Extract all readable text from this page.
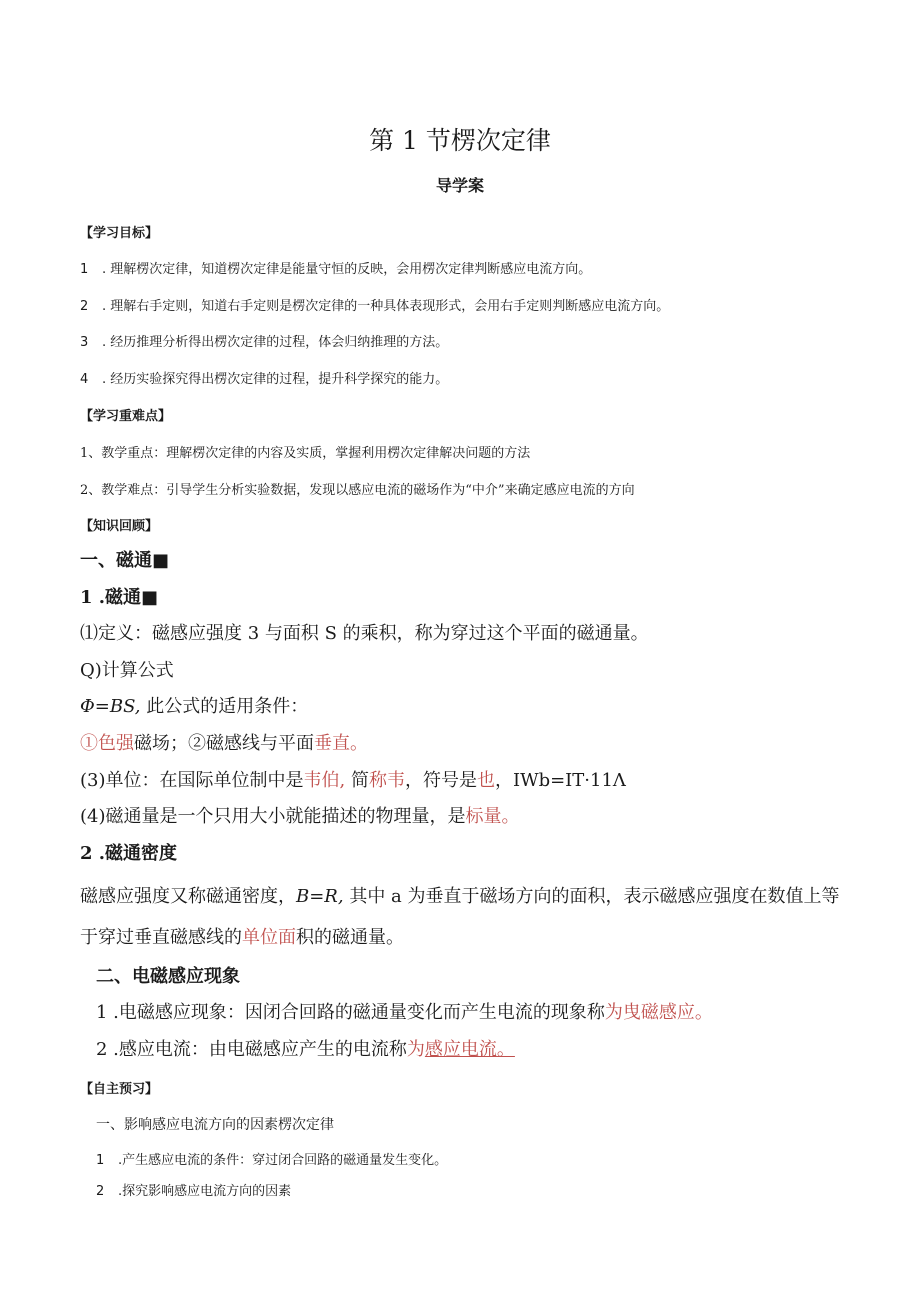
第 1 节楞次定律
导学案
【学习目标】
1 . 理解楞次定律，知道楞次定律是能量守恒的反映，会用楞次定律判断感应电流方向。
2 . 理解右手定则，知道右手定则是楞次定律的一种具体表现形式，会用右手定则判断感应电流方向。
3 . 经历推理分析得出楞次定律的过程，体会归纳推理的方法。
4 . 经历实验探究得出楞次定律的过程，提升科学探究的能力。
【学习重难点】
1、教学重点：理解楞次定律的内容及实质，掌握利用楞次定律解决问题的方法
2、教学难点：引导学生分析实验数据，发现以感应电流的磁场作为“中介”来确定感应电流的方向
【知识回顾】
一、磁通■
1 .磁通■
⑴定义：磁感应强度 3 与面积 S 的乘积，称为穿过这个平面的磁通量。
Q)计算公式
Φ=BS, 此公式的适用条件：
①色强磁场；②磁感线与平面垂直。
(3)单位：在国际单位制中是韦伯, 简称韦，符号是也，IWb=IT·11Λ
(4)磁通量是一个只用大小就能描述的物理量，是标量。
2 .磁通密度
磁感应强度又称磁通密度，B=R, 其中 a 为垂直于磁场方向的面积，表示磁感应强度在数值上等
于穿过垂直磁感线的单位面积的磁通量。
二、电磁感应现象
1 .电磁感应现象：因闭合回路的磁通量变化而产生电流的现象称为曳磁感应。
2 .感应电流：由电磁感应产生的电流称为感应电流。
【自主预习】
一、影响感应电流方向的因素楞次定律
1 .产生感应电流的条件：穿过闭合回路的磁通量发生变化。
2 .探究影响感应电流方向的因素
